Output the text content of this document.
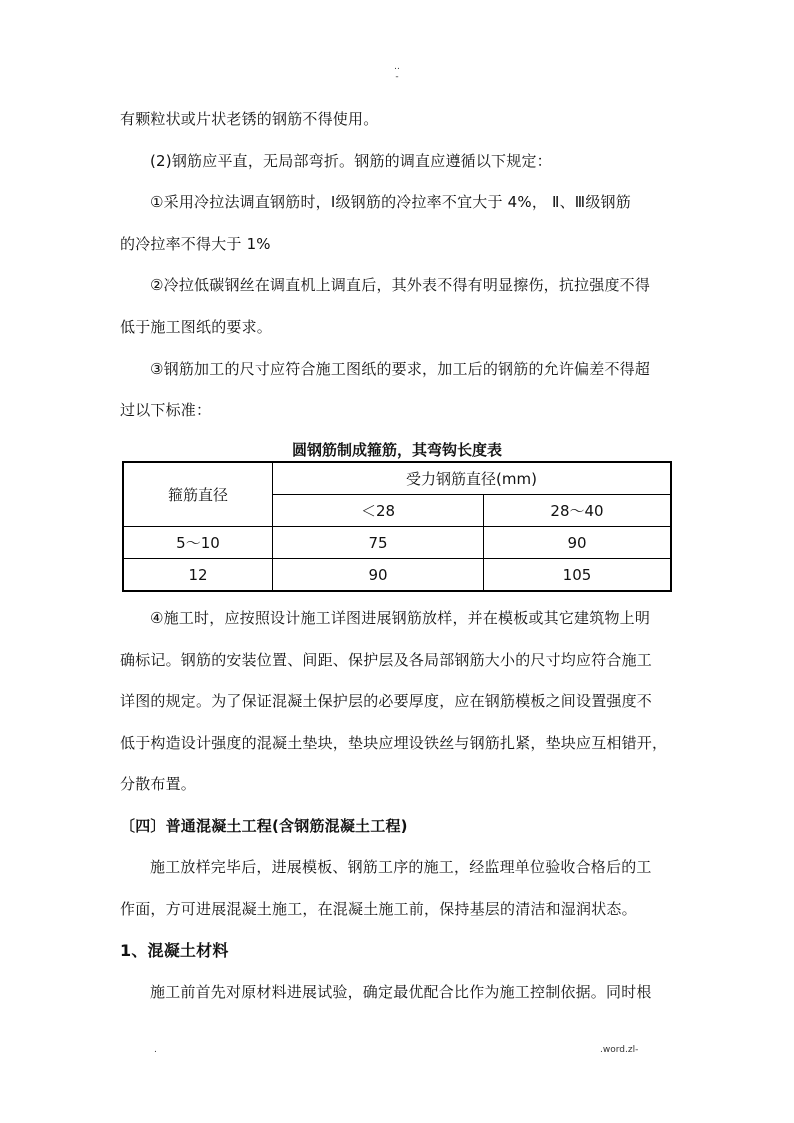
..
-
有颗粒状或片状老锈的钢筋不得使用。
(2)钢筋应平直，无局部弯折。钢筋的调直应遵循以下规定：
①采用冷拉法调直钢筋时，Ⅰ级钢筋的冷拉率不宜大于 4%， Ⅱ、Ⅲ级钢筋
的冷拉率不得大于 1%
②冷拉低碳钢丝在调直机上调直后，其外表不得有明显擦伤，抗拉强度不得
低于施工图纸的要求。
③钢筋加工的尺寸应符合施工图纸的要求，加工后的钢筋的允许偏差不得超
过以下标准：
圆钢筋制成箍筋，其弯钩长度表
箍筋直径	受力钢筋直径(mm)	
	＜28	28～40
5～10	75	90
12	90	105
④施工时，应按照设计施工详图进展钢筋放样，并在模板或其它建筑物上明
确标记。钢筋的安装位置、间距、保护层及各局部钢筋大小的尺寸均应符合施工
详图的规定。为了保证混凝土保护层的必要厚度，应在钢筋模板之间设置强度不
低于构造设计强度的混凝土垫块，垫块应埋设铁丝与钢筋扎紧，垫块应互相错开，
分散布置。
〔四〕普通混凝土工程(含钢筋混凝土工程)
施工放样完毕后，进展模板、钢筋工序的施工，经监理单位验收合格后的工
作面，方可进展混凝土施工，在混凝土施工前，保持基层的清洁和湿润状态。
1、混凝土材料
施工前首先对原材料进展试验，确定最优配合比作为施工控制依据。同时根
.	.word.zl-
